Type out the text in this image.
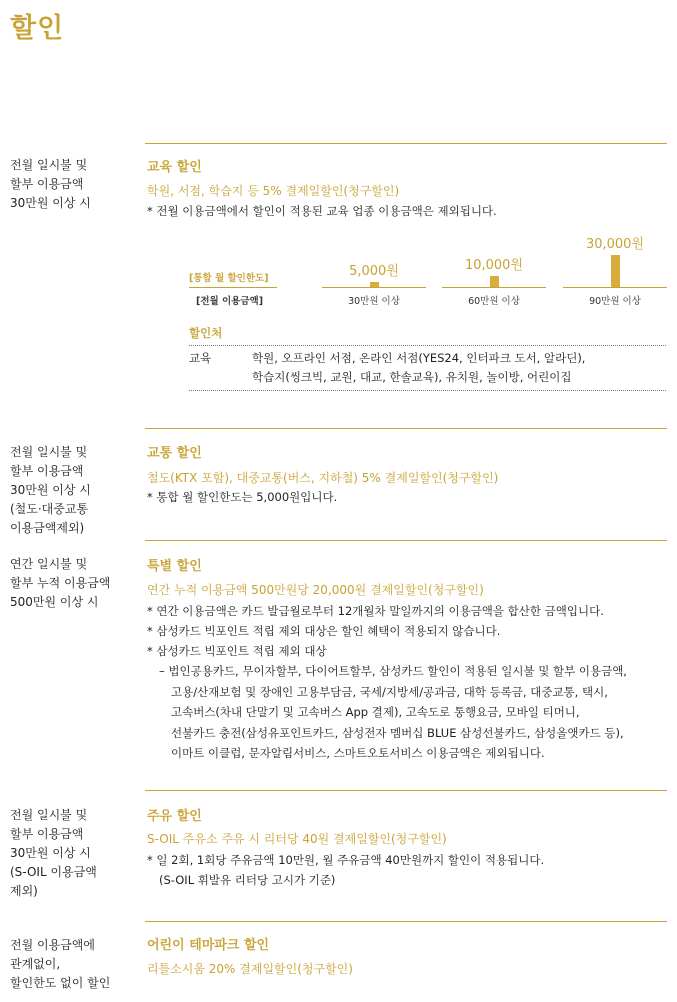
할인
전월 일시불 및
할부 이용금액
30만원 이상 시
교육 할인
학원, 서점, 학습지 등 5% 결제일할인(청구할인)
* 전월 이용금액에서 할인이 적용된 교육 업종 이용금액은 제외됩니다.
[통합 월 할인한도]
[전월 이용금액]
5,000원
30만원 이상
10,000원
60만원 이상
30,000원
90만원 이상
할인처
교육	학원, 오프라인 서점, 온라인 서점(YES24, 인터파크 도서, 알라딘),
학습지(씽크빅, 교원, 대교, 한솔교육), 유치원, 놀이방, 어린이집
전월 일시불 및
할부 이용금액
30만원 이상 시
(철도·대중교통
이용금액제외)
교통 할인
철도(KTX 포함), 대중교통(버스, 지하철) 5% 결제일할인(청구할인)
* 통합 월 할인한도는 5,000원입니다.
연간 일시불 및
할부 누적 이용금액
500만원 이상 시
특별 할인
연간 누적 이용금액 500만원당 20,000원 결제일할인(청구할인)
* 연간 이용금액은 카드 발급월로부터 12개월차 말일까지의 이용금액을 합산한 금액입니다.
* 삼성카드 빅포인트 적립 제외 대상은 할인 혜택이 적용되지 않습니다.
* 삼성카드 빅포인트 적립 제외 대상
– 법인공용카드, 무이자할부, 다이어트할부, 삼성카드 할인이 적용된 일시불 및 할부 이용금액,
고용/산재보험 및 장애인 고용부담금, 국세/지방세/공과금, 대학 등록금, 대중교통, 택시,
고속버스(차내 단말기 및 고속버스 App 결제), 고속도로 통행요금, 모바일 티머니,
선불카드 충전(삼성유포인트카드, 삼성전자 멤버십 BLUE 삼성선불카드, 삼성올앳카드 등),
이마트 이클럽, 문자알림서비스, 스마트오토서비스 이용금액은 제외됩니다.
전월 일시불 및
할부 이용금액
30만원 이상 시
(S-OIL 이용금액
제외)
주유 할인
S-OIL 주유소 주유 시 리터당 40원 결제일할인(청구할인)
* 일 2회, 1회당 주유금액 10만원, 월 주유금액 40만원까지 할인이 적용됩니다.
(S-OIL 휘발유 리터당 고시가 기준)
전월 이용금액에
관계없이,
할인한도 없이 할인
어린이 테마파크 할인
리틀소시움 20% 결제일할인(청구할인)
